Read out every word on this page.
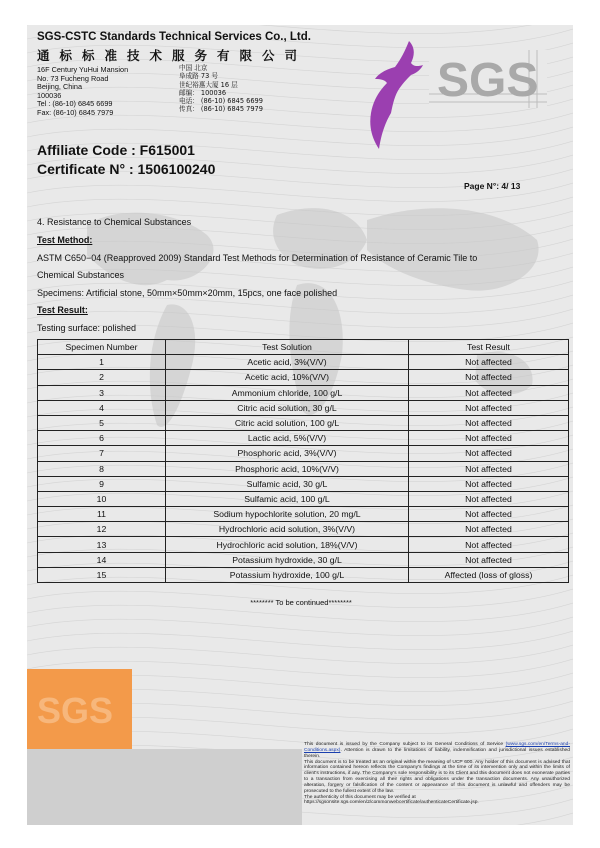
SGS-CSTC Standards Technical Services Co., Ltd.
通标标准技术服务有限公司
16F Century YuHui Mansion
No. 73 Fucheng Road
Beijing, China
100036
Tel : (86-10) 6845 6699
Fax: (86-10) 6845 7979
中国 北京
阜成路 73 号
世纪裕惠大厦 16 层
邮编： 100036
电话： (86-10) 6845 6699
传真： (86-10) 6845 7979
SGS
Affiliate Code : F615001
Certificate N° : 1506100240
Page N°: 4/ 13
4. Resistance to Chemical Substances
Test Method:
ASTM C650−04 (Reapproved 2009) Standard Test Methods for Determination of Resistance of Ceramic Tile to
Chemical Substances
Specimens: Artificial stone, 50mm×50mm×20mm, 15pcs, one face polished
Test Result:
Testing surface: polished
Specimen Number	Test Solution	Test Result
1	Acetic acid, 3%(V/V)	Not affected
2	Acetic acid, 10%(V/V)	Not affected
3	Ammonium chloride, 100 g/L	Not affected
4	Citric acid solution, 30 g/L	Not affected
5	Citric acid solution, 100 g/L	Not affected
6	Lactic acid, 5%(V/V)	Not affected
7	Phosphoric acid, 3%(V/V)	Not affected
8	Phosphoric acid, 10%(V/V)	Not affected
9	Sulfamic acid, 30 g/L	Not affected
10	Sulfamic acid, 100 g/L	Not affected
11	Sodium hypochlorite solution, 20 mg/L	Not affected
12	Hydrochloric acid solution, 3%(V/V)	Not affected
13	Hydrochloric acid solution, 18%(V/V)	Not affected
14	Potassium hydroxide, 30 g/L	Not affected
15	Potassium hydroxide, 100 g/L	Affected (loss of gloss)
******** To be continued********
SGS
This document is issued by the Company subject to its General Conditions of Service (www.sgs.com/en/Terms-and-Conditions.aspx). Attention is drawn to the limitations of liability, indemnification and jurisdictional issues established therein.
This document is to be treated as an original within the meaning of UCP 600. Any holder of this document is advised that information contained hereon reflects the Company's findings at the time of its intervention only and within the limits of client's instructions, if any. The Company's sole responsibility is to its Client and this document does not exonerate parties to a transaction from exercising all their rights and obligations under the transaction documents. Any unauthorized alteration, forgery or falsification of the content or appearance of this document is unlawful and offenders may be prosecuted to the fullest extent of the law.
The authenticity of this document may be verified at
https://sgsonsite.sgs.com/en/2/commonwebcertificate/authenticateCertificate.jsp.
